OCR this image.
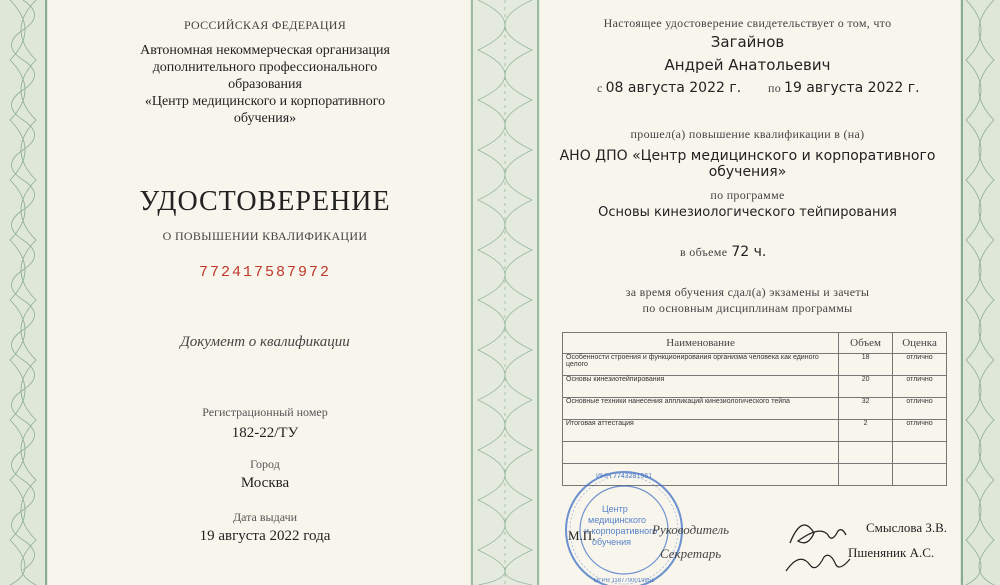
РОССИЙСКАЯ ФЕДЕРАЦИЯ
Автономная некоммерческая организация
дополнительного профессионального
образования
«Центр медицинского и корпоративного
обучения»
УДОСТОВЕРЕНИЕ
О ПОВЫШЕНИИ КВАЛИФИКАЦИИ
772417587972
Документ о квалификации
Регистрационный номер
182-22/ТУ
Город
Москва
Дата выдачи
19 августа 2022 года
Настоящее удостоверение свидетельствует о том, что
Загайнов
Андрей Анатольевич
с 08 августа 2022 г. по 19 августа 2022 г.
прошел(а) повышение квалификации в (на)
АНО ДПО «Центр медицинского и корпоративного обучения»
по программе
Основы кинезиологического тейпирования
в объеме 72 ч.
за время обучения сдал(а) экзамены и зачеты
по основным дисциплинам программы
Наименование	Объем	Оценка
Особенности строения и функционирования организма человека как единого целого	18	отлично
Основы кинезиотейпирования	20	отлично
Основные техники нанесения аппликаций кинезиологического тейпа	32	отлично
Итоговая аттестация	2	отлично

ИНН 7743281561
Центр
медицинского
и корпоративного
обучения
ОГРН 1187700019951
М.П.	Руководитель
Секретарь
Смыслова З.В.
Пшеняник А.С.
